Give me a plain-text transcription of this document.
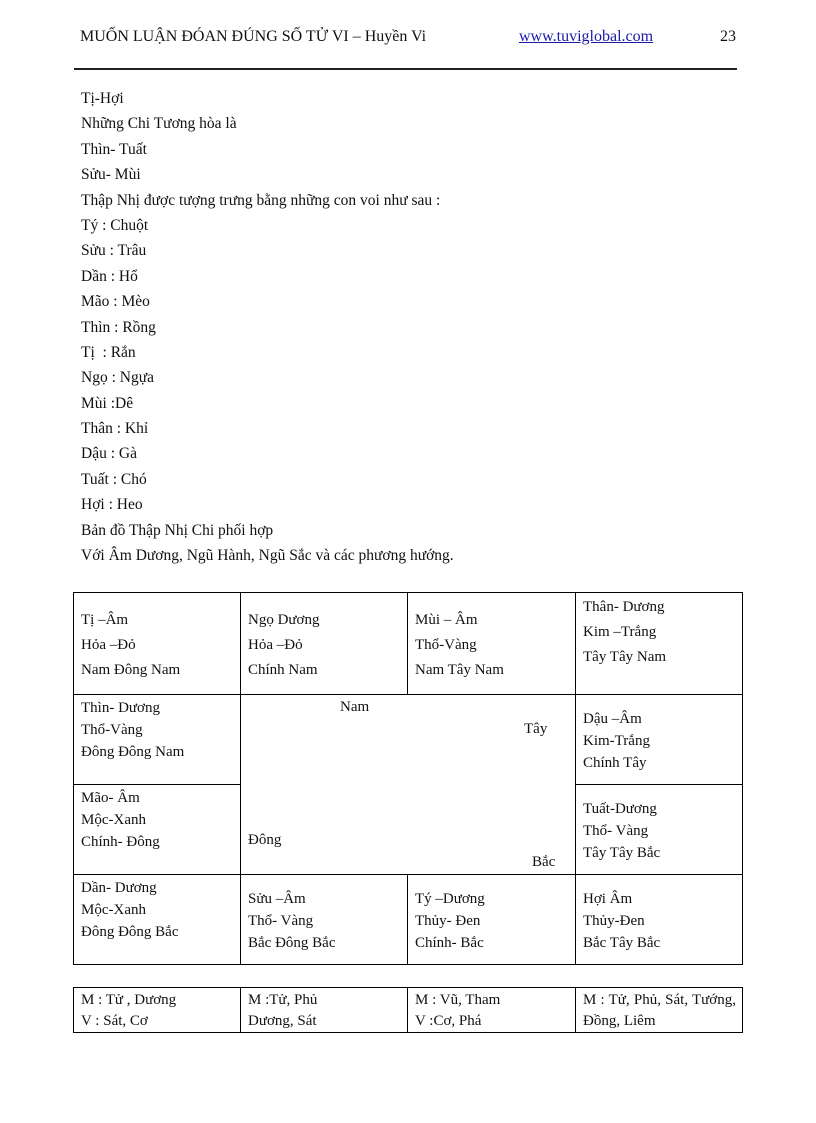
MUỐN LUẬN ĐÓAN ĐÚNG SỐ TỬ VI – Huyền Vi	www.tuviglobal.com	23
Tị-Hợi
Những Chi Tương hòa là
Thìn- Tuất
Sửu- Mùi
Thập Nhị được tượng trưng bằng những con voi như sau :
Tý : Chuột
Sửu : Trâu
Dần : Hổ
Mão : Mèo
Thìn : Rồng
Tị  : Rắn
Ngọ : Ngựa
Mùi :Dê
Thân : Khỉ
Dậu : Gà
Tuất : Chó
Hợi : Heo
Bản đồ Thập Nhị Chi phối hợp
Với Âm Dương, Ngũ Hành, Ngũ Sắc và các phương hướng.
Tị –Âm
Hỏa –Đỏ
Nam Đông Nam
Ngọ Dương
Hỏa –Đỏ
Chính Nam
Mùi – Âm
Thổ-Vàng
Nam Tây Nam
Thân- Dương
Kim –Trắng
Tây Tây Nam
Thìn- Dương
Thổ-Vàng
Đông Đông Nam
Mão- Âm
Mộc-Xanh
Chính- Đông
Dậu –Âm
Kim-Trắng
Chính Tây
Tuất-Dương
Thổ- Vàng
Tây Tây Bắc
Nam
Tây
Đông
Bắc
Dần- Dương
Mộc-Xanh
Đông Đông Bắc
Sửu –Âm
Thổ- Vàng
Bắc Đông Bắc
Tý –Dương
Thủy- Đen
Chính- Bắc
Hợi Âm
Thủy-Đen
Bắc Tây Bắc
M : Tử , Dương
V : Sát, Cơ
M :Tử, Phủ
Dương, Sát
M : Vũ, Tham
V :Cơ, Phá
M : Tử, Phủ, Sát, Tướng, Đồng, Liêm
